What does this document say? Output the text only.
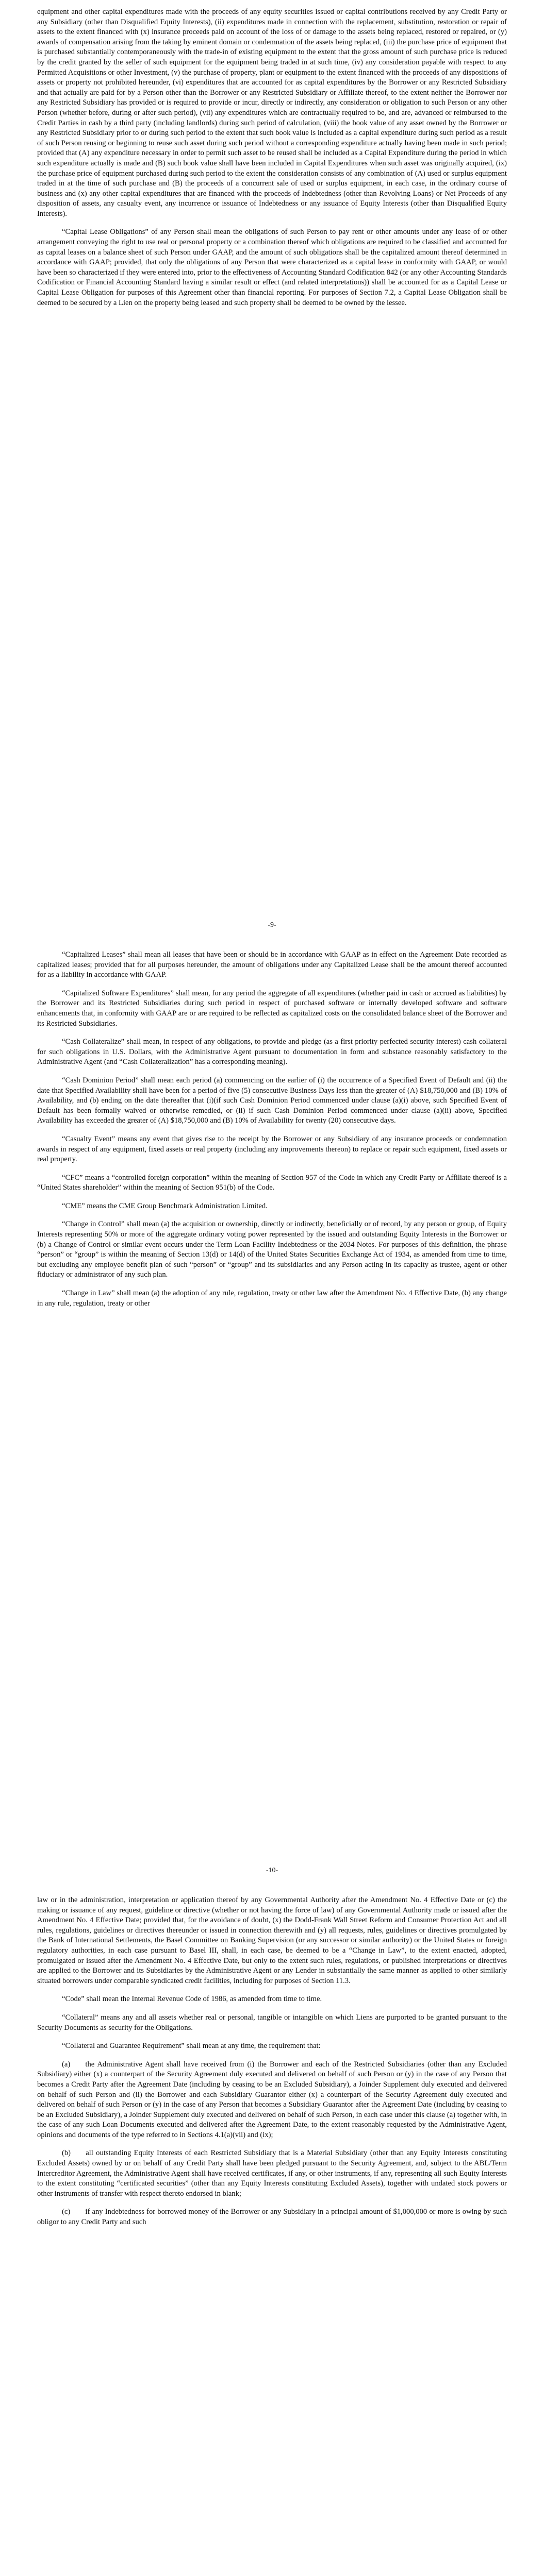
equipment and other capital expenditures made with the proceeds of any equity securities issued or capital contributions received by any Credit Party or any Subsidiary (other than Disqualified Equity Interests), (ii) expenditures made in connection with the replacement, substitution, restoration or repair of assets to the extent financed with (x) insurance proceeds paid on account of the loss of or damage to the assets being replaced, restored or repaired, or (y) awards of compensation arising from the taking by eminent domain or condemnation of the assets being replaced, (iii) the purchase price of equipment that is purchased substantially contemporaneously with the trade-in of existing equipment to the extent that the gross amount of such purchase price is reduced by the credit granted by the seller of such equipment for the equipment being traded in at such time, (iv) any consideration payable with respect to any Permitted Acquisitions or other Investment, (v) the purchase of property, plant or equipment to the extent financed with the proceeds of any dispositions of assets or property not prohibited hereunder, (vi) expenditures that are accounted for as capital expenditures by the Borrower or any Restricted Subsidiary and that actually are paid for by a Person other than the Borrower or any Restricted Subsidiary or Affiliate thereof, to the extent neither the Borrower nor any Restricted Subsidiary has provided or is required to provide or incur, directly or indirectly, any consideration or obligation to such Person or any other Person (whether before, during or after such period), (vii) any expenditures which are contractually required to be, and are, advanced or reimbursed to the Credit Parties in cash by a third party (including landlords) during such period of calculation, (viii) the book value of any asset owned by the Borrower or any Restricted Subsidiary prior to or during such period to the extent that such book value is included as a capital expenditure during such period as a result of such Person reusing or beginning to reuse such asset during such period without a corresponding expenditure actually having been made in such period; provided that (A) any expenditure necessary in order to permit such asset to be reused shall be included as a Capital Expenditure during the period in which such expenditure actually is made and (B) such book value shall have been included in Capital Expenditures when such asset was originally acquired, (ix) the purchase price of equipment purchased during such period to the extent the consideration consists of any combination of (A) used or surplus equipment traded in at the time of such purchase and (B) the proceeds of a concurrent sale of used or surplus equipment, in each case, in the ordinary course of business and (x) any other capital expenditures that are financed with the proceeds of Indebtedness (other than Revolving Loans) or Net Proceeds of any disposition of assets, any casualty event, any incurrence or issuance of Indebtedness or any issuance of Equity Interests (other than Disqualified Equity Interests).

“Capital Lease Obligations” of any Person shall mean the obligations of such Person to pay rent or other amounts under any lease of or other arrangement conveying the right to use real or personal property or a combination thereof which obligations are required to be classified and accounted for as capital leases on a balance sheet of such Person under GAAP, and the amount of such obligations shall be the capitalized amount thereof determined in accordance with GAAP; provided, that only the obligations of any Person that were characterized as a capital lease in conformity with GAAP, or would have been so characterized if they were entered into, prior to the effectiveness of Accounting Standard Codification 842 (or any other Accounting Standards Codification or Financial Accounting Standard having a similar result or effect (and related interpretations)) shall be accounted for as a Capital Lease or Capital Lease Obligation for purposes of this Agreement other than financial reporting. For purposes of Section 7.2, a Capital Lease Obligation shall be deemed to be secured by a Lien on the property being leased and such property shall be deemed to be owned by the lessee.

-9-

“Capitalized Leases” shall mean all leases that have been or should be in accordance with GAAP as in effect on the Agreement Date recorded as capitalized leases; provided that for all purposes hereunder, the amount of obligations under any Capitalized Lease shall be the amount thereof accounted for as a liability in accordance with GAAP.

“Capitalized Software Expenditures” shall mean, for any period the aggregate of all expenditures (whether paid in cash or accrued as liabilities) by the Borrower and its Restricted Subsidiaries during such period in respect of purchased software or internally developed software and software enhancements that, in conformity with GAAP are or are required to be reflected as capitalized costs on the consolidated balance sheet of the Borrower and its Restricted Subsidiaries.

“Cash Collateralize” shall mean, in respect of any obligations, to provide and pledge (as a first priority perfected security interest) cash collateral for such obligations in U.S. Dollars, with the Administrative Agent pursuant to documentation in form and substance reasonably satisfactory to the Administrative Agent (and “Cash Collateralization” has a corresponding meaning).

“Cash Dominion Period” shall mean each period (a) commencing on the earlier of (i) the occurrence of a Specified Event of Default and (ii) the date that Specified Availability shall have been for a period of five (5) consecutive Business Days less than the greater of (A) $18,750,000 and (B) 10% of Availability, and (b) ending on the date thereafter that (i)(if such Cash Dominion Period commenced under clause (a)(i) above, such Specified Event of Default has been formally waived or otherwise remedied, or (ii) if such Cash Dominion Period commenced under clause (a)(ii) above, Specified Availability has exceeded the greater of (A) $18,750,000 and (B) 10% of Availability for twenty (20) consecutive days.

“Casualty Event” means any event that gives rise to the receipt by the Borrower or any Subsidiary of any insurance proceeds or condemnation awards in respect of any equipment, fixed assets or real property (including any improvements thereon) to replace or repair such equipment, fixed assets or real property.

“CFC” means a “controlled foreign corporation” within the meaning of Section 957 of the Code in which any Credit Party or Affiliate thereof is a “United States shareholder” within the meaning of Section 951(b) of the Code.

“CME” means the CME Group Benchmark Administration Limited.

“Change in Control” shall mean (a) the acquisition or ownership, directly or indirectly, beneficially or of record, by any person or group, of Equity Interests representing 50% or more of the aggregate ordinary voting power represented by the issued and outstanding Equity Interests in the Borrower or (b) a Change of Control or similar event occurs under the Term Loan Facility Indebtedness or the 2034 Notes. For purposes of this definition, the phrase “person” or “group” is within the meaning of Section 13(d) or 14(d) of the United States Securities Exchange Act of 1934, as amended from time to time, but excluding any employee benefit plan of such “person” or “group” and its subsidiaries and any Person acting in its capacity as trustee, agent or other fiduciary or administrator of any such plan.

“Change in Law” shall mean (a) the adoption of any rule, regulation, treaty or other law after the Amendment No. 4 Effective Date, (b) any change in any rule, regulation, treaty or other

-10-

law or in the administration, interpretation or application thereof by any Governmental Authority after the Amendment No. 4 Effective Date or (c) the making or issuance of any request, guideline or directive (whether or not having the force of law) of any Governmental Authority made or issued after the Amendment No. 4 Effective Date; provided that, for the avoidance of doubt, (x) the Dodd-Frank Wall Street Reform and Consumer Protection Act and all rules, regulations, guidelines or directives thereunder or issued in connection therewith and (y) all requests, rules, guidelines or directives promulgated by the Bank of International Settlements, the Basel Committee on Banking Supervision (or any successor or similar authority) or the United States or foreign regulatory authorities, in each case pursuant to Basel III, shall, in each case, be deemed to be a “Change in Law”, to the extent enacted, adopted, promulgated or issued after the Amendment No. 4 Effective Date, but only to the extent such rules, regulations, or published interpretations or directives are applied to the Borrower and its Subsidiaries by the Administrative Agent or any Lender in substantially the same manner as applied to other similarly situated borrowers under comparable syndicated credit facilities, including for purposes of Section 11.3.

“Code” shall mean the Internal Revenue Code of 1986, as amended from time to time.

“Collateral” means any and all assets whether real or personal, tangible or intangible on which Liens are purported to be granted pursuant to the Security Documents as security for the Obligations.

“Collateral and Guarantee Requirement” shall mean at any time, the requirement that:

(a)  the Administrative Agent shall have received from (i) the Borrower and each of the Restricted Subsidiaries (other than any Excluded Subsidiary) either (x) a counterpart of the Security Agreement duly executed and delivered on behalf of such Person or (y) in the case of any Person that becomes a Credit Party after the Agreement Date (including by ceasing to be an Excluded Subsidiary), a Joinder Supplement duly executed and delivered on behalf of such Person and (ii) the Borrower and each Subsidiary Guarantor either (x) a counterpart of the Security Agreement duly executed and delivered on behalf of such Person or (y) in the case of any Person that becomes a Subsidiary Guarantor after the Agreement Date (including by ceasing to be an Excluded Subsidiary), a Joinder Supplement duly executed and delivered on behalf of such Person, in each case under this clause (a) together with, in the case of any such Loan Documents executed and delivered after the Agreement Date, to the extent reasonably requested by the Administrative Agent, opinions and documents of the type referred to in Sections 4.1(a)(vii) and (ix);

(b)  all outstanding Equity Interests of each Restricted Subsidiary that is a Material Subsidiary (other than any Equity Interests constituting Excluded Assets) owned by or on behalf of any Credit Party shall have been pledged pursuant to the Security Agreement, and, subject to the ABL/Term Intercreditor Agreement, the Administrative Agent shall have received certificates, if any, or other instruments, if any, representing all such Equity Interests to the extent constituting “certificated securities” (other than any Equity Interests constituting Excluded Assets), together with undated stock powers or other instruments of transfer with respect thereto endorsed in blank;

(c)  if any Indebtedness for borrowed money of the Borrower or any Subsidiary in a principal amount of $1,000,000 or more is owing by such obligor to any Credit Party and such
